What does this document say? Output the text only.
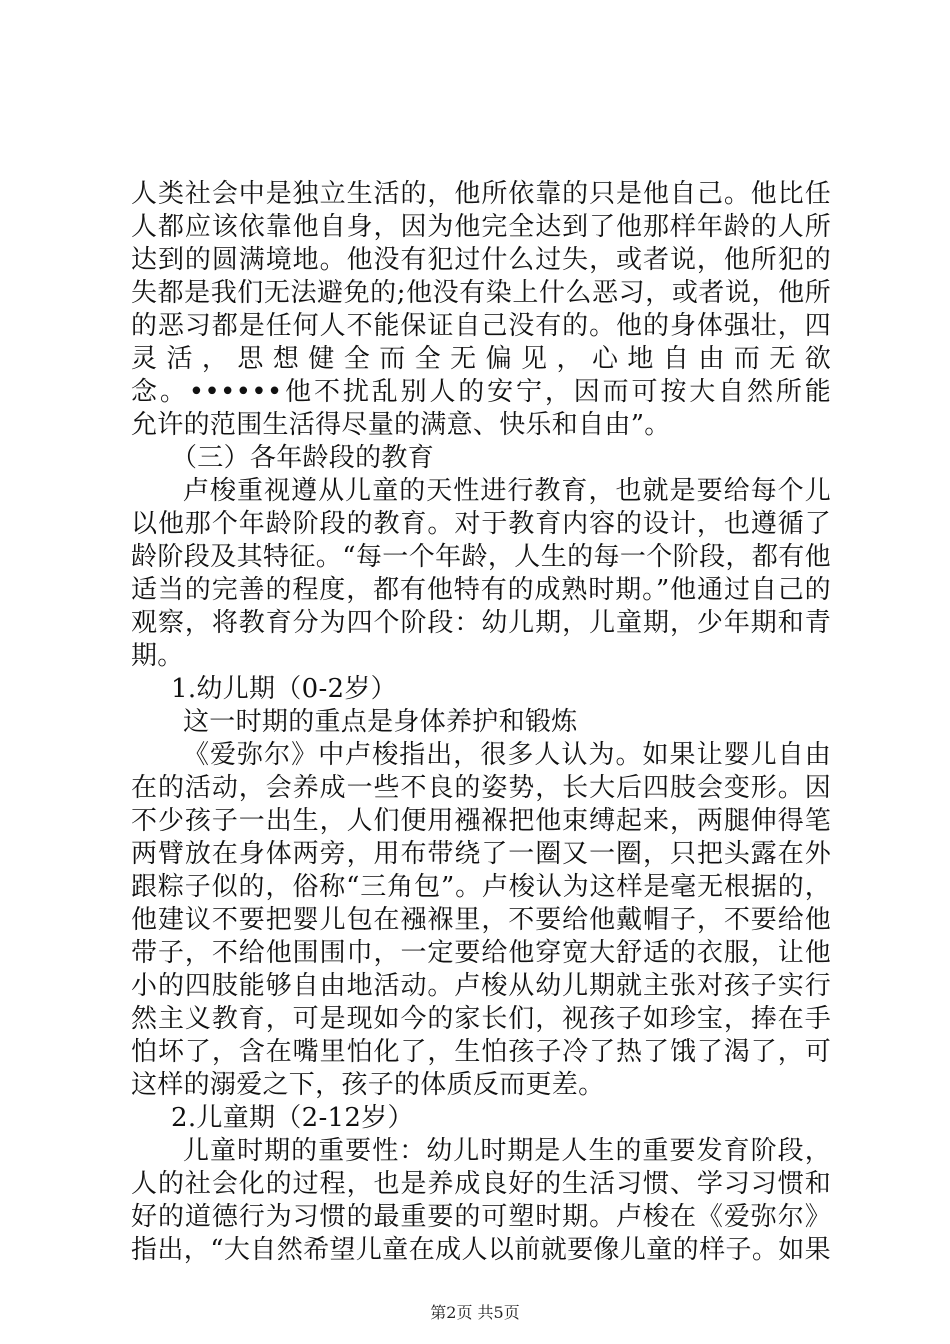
人类社会中是独立生活的，他所依靠的只是他自己。他比任
人都应该依靠他自身，因为他完全达到了他那样年龄的人所
达到的圆满境地。他没有犯过什么过失，或者说，他所犯的
失都是我们无法避免的;他没有染上什么恶习，或者说，他所
的恶习都是任何人不能保证自己没有的。他的身体强壮，四
灵 活 ， 思 想 健 全 而 全 无 偏 见 ， 心 地 自 由 而 无 欲
念。••••••他不扰乱别人的安宁，因而可按大自然所能
允许的范围生活得尽量的满意、快乐和自由”。
（三）各年龄段的教育
卢梭重视遵从儿童的天性进行教育，也就是要给每个儿
以他那个年龄阶段的教育。对于教育内容的设计，也遵循了
龄阶段及其特征。“每一个年龄，人生的每一个阶段，都有他
适当的完善的程度，都有他特有的成熟时期。”他通过自己的
观察，将教育分为四个阶段：幼儿期，儿童期，少年期和青
期。
1.幼儿期（0-2岁）
这一时期的重点是身体养护和锻炼
《爱弥尔》中卢梭指出，很多人认为。如果让婴儿自由
在的活动，会养成一些不良的姿势，长大后四肢会变形。因
不少孩子一出生，人们便用襁褓把他束缚起来，两腿伸得笔
两臂放在身体两旁，用布带绕了一圈又一圈，只把头露在外
跟粽子似的，俗称“三角包”。卢梭认为这样是毫无根据的，
他建议不要把婴儿包在襁褓里，不要给他戴帽子，不要给他
带子，不给他围围巾，一定要给他穿宽大舒适的衣服，让他
小的四肢能够自由地活动。卢梭从幼儿期就主张对孩子实行
然主义教育，可是现如今的家长们，视孩子如珍宝，捧在手
怕坏了，含在嘴里怕化了，生怕孩子冷了热了饿了渴了，可
这样的溺爱之下，孩子的体质反而更差。
2.儿童期（2-12岁）
儿童时期的重要性：幼儿时期是人生的重要发育阶段，
人的社会化的过程，也是养成良好的生活习惯、学习习惯和
好的道德行为习惯的最重要的可塑时期。卢梭在《爱弥尔》
指出，“大自然希望儿童在成人以前就要像儿童的样子。如果
第2页 共5页
